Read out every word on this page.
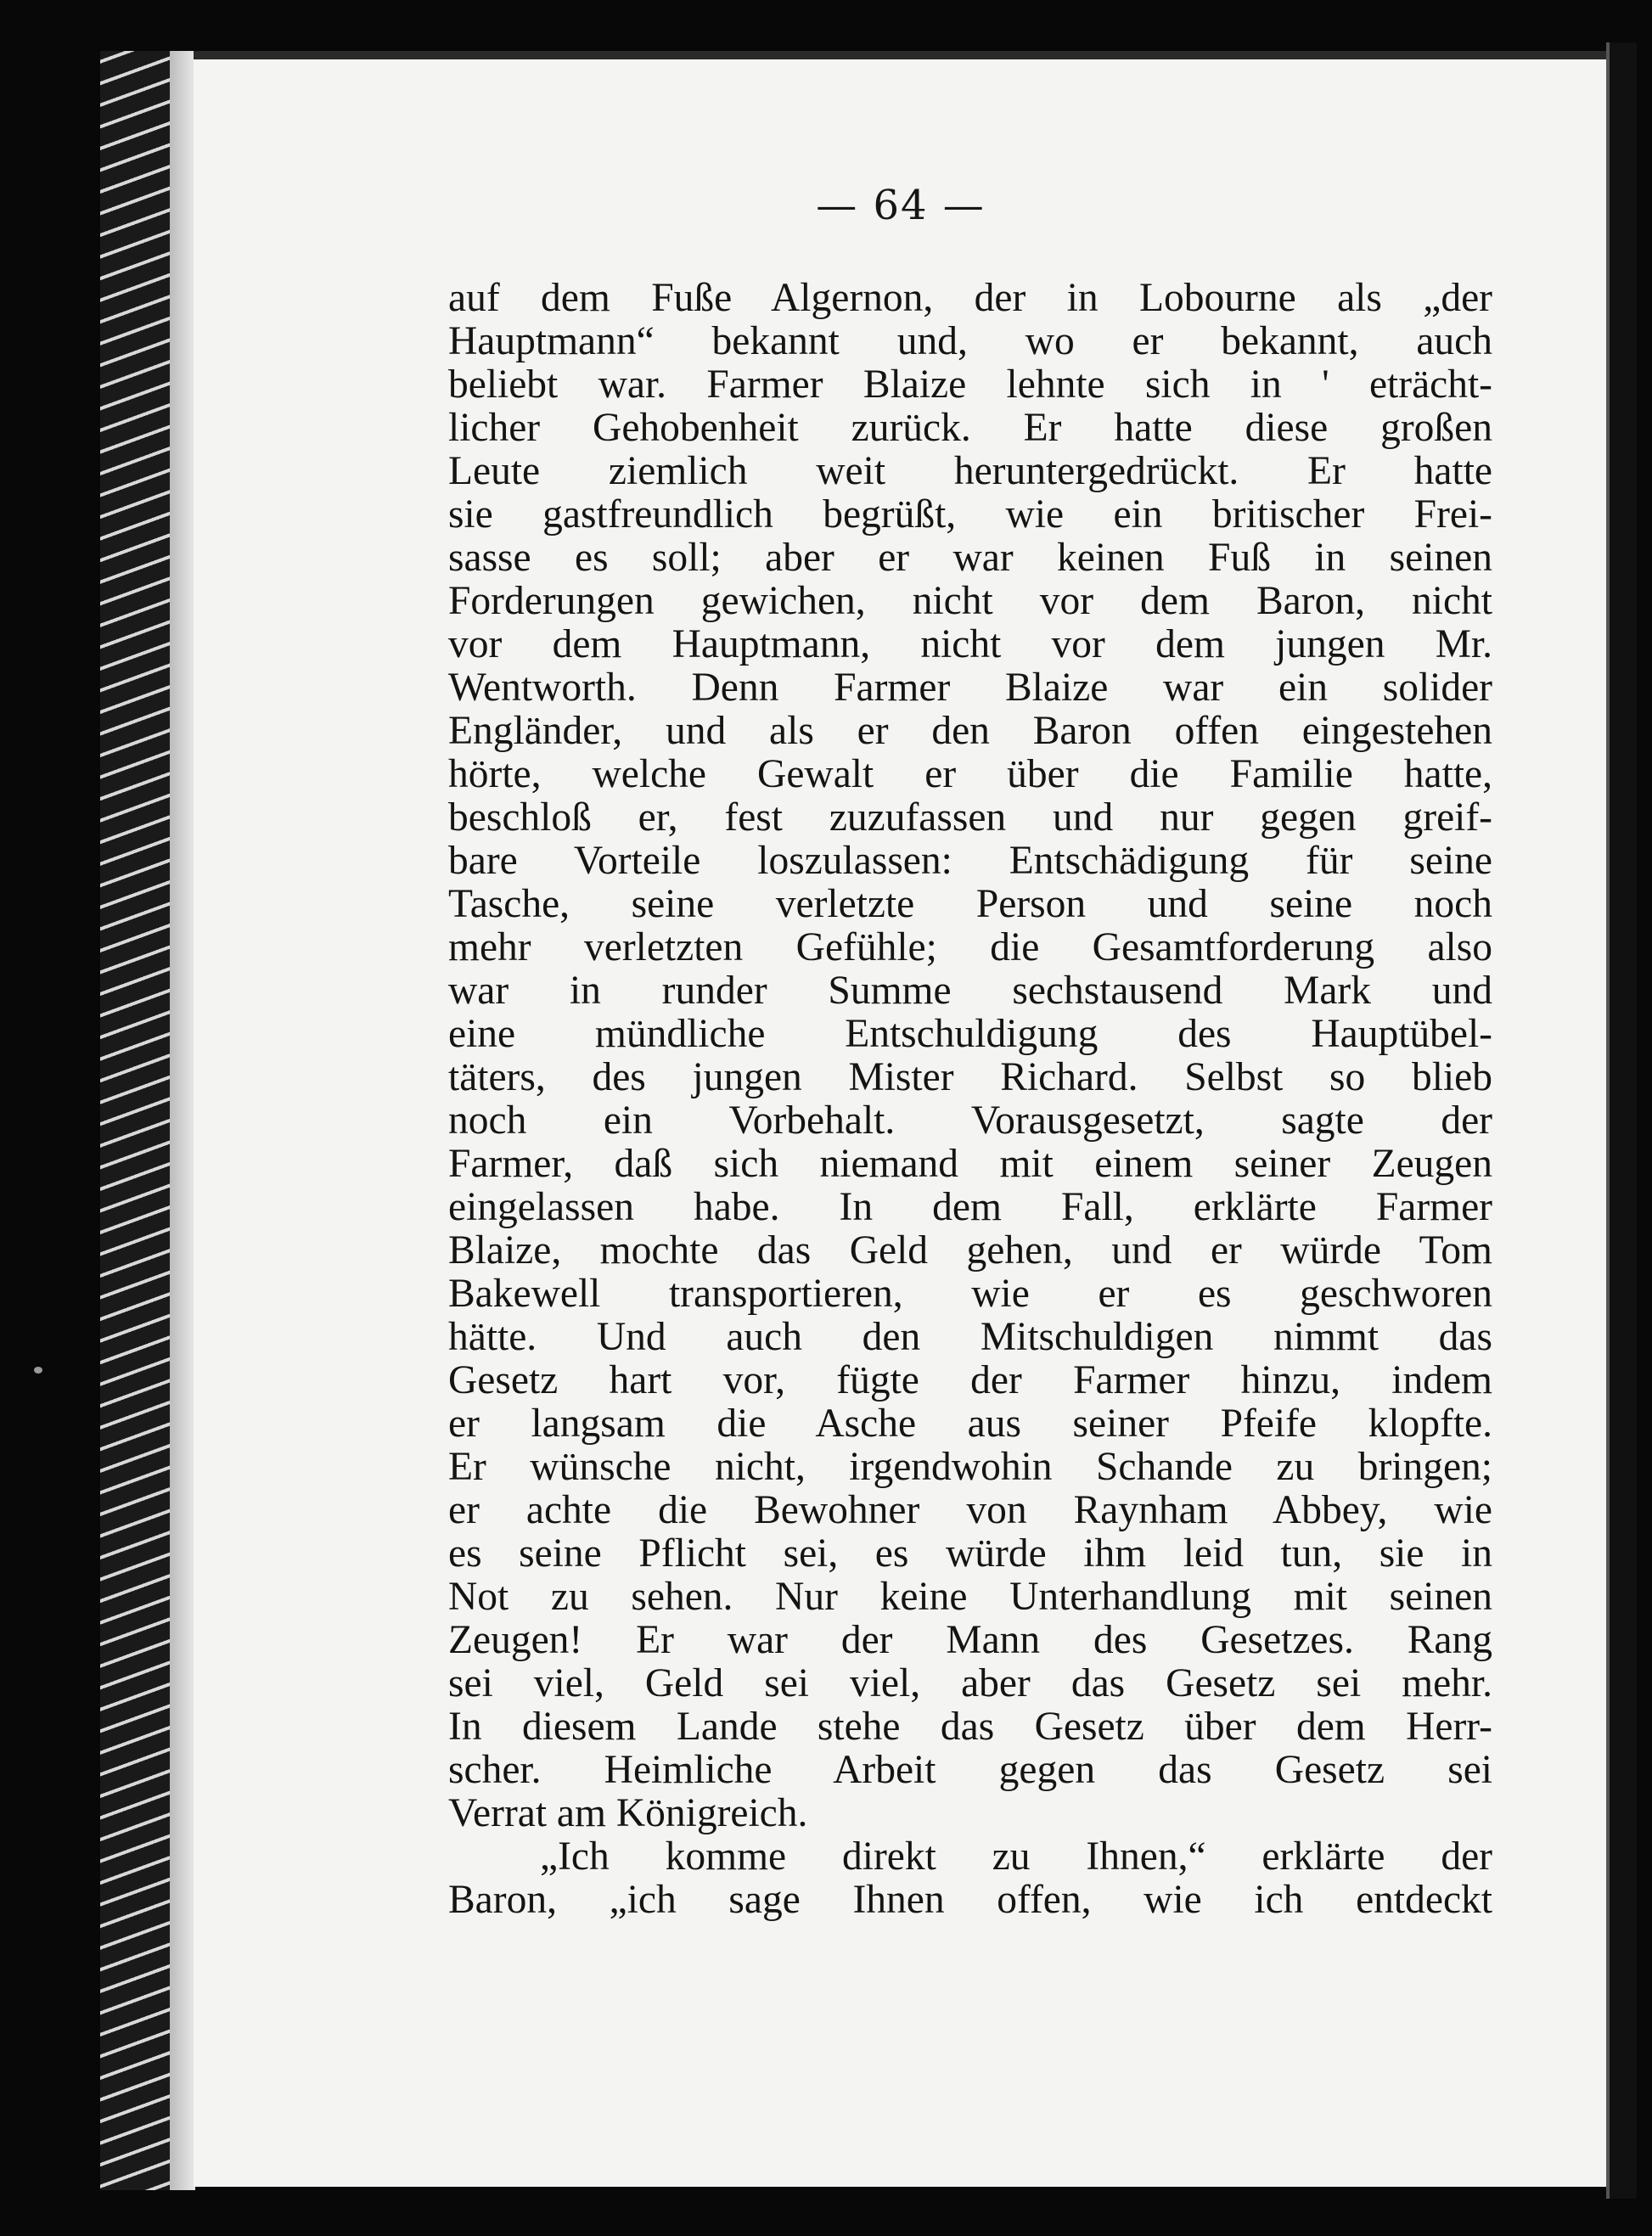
— 64 —
auf dem Fuße Algernon, der in Lobourne als „der
Hauptmann“ bekannt und, wo er bekannt, auch
beliebt war. Farmer Blaize lehnte sich in ' eträcht-
licher Gehobenheit zurück. Er hatte diese großen
Leute ziemlich weit heruntergedrückt. Er hatte
sie gastfreundlich begrüßt, wie ein britischer Frei-
sasse es soll; aber er war keinen Fuß in seinen
Forderungen gewichen, nicht vor dem Baron, nicht
vor dem Hauptmann, nicht vor dem jungen Mr.
Wentworth. Denn Farmer Blaize war ein solider
Engländer, und als er den Baron offen eingestehen
hörte, welche Gewalt er über die Familie hatte,
beschloß er, fest zuzufassen und nur gegen greif-
bare Vorteile loszulassen: Entschädigung für seine
Tasche, seine verletzte Person und seine noch
mehr verletzten Gefühle; die Gesamtforderung also
war in runder Summe sechstausend Mark und
eine mündliche Entschuldigung des Hauptübel-
täters, des jungen Mister Richard. Selbst so blieb
noch ein Vorbehalt. Vorausgesetzt, sagte der
Farmer, daß sich niemand mit einem seiner Zeugen
eingelassen habe. In dem Fall, erklärte Farmer
Blaize, mochte das Geld gehen, und er würde Tom
Bakewell transportieren, wie er es geschworen
hätte. Und auch den Mitschuldigen nimmt das
Gesetz hart vor, fügte der Farmer hinzu, indem
er langsam die Asche aus seiner Pfeife klopfte.
Er wünsche nicht, irgendwohin Schande zu bringen;
er achte die Bewohner von Raynham Abbey, wie
es seine Pflicht sei, es würde ihm leid tun, sie in
Not zu sehen. Nur keine Unterhandlung mit seinen
Zeugen! Er war der Mann des Gesetzes. Rang
sei viel, Geld sei viel, aber das Gesetz sei mehr.
In diesem Lande stehe das Gesetz über dem Herr-
scher. Heimliche Arbeit gegen das Gesetz sei
Verrat am Königreich.
„Ich komme direkt zu Ihnen,“ erklärte der
Baron, „ich sage Ihnen offen, wie ich entdeckt
